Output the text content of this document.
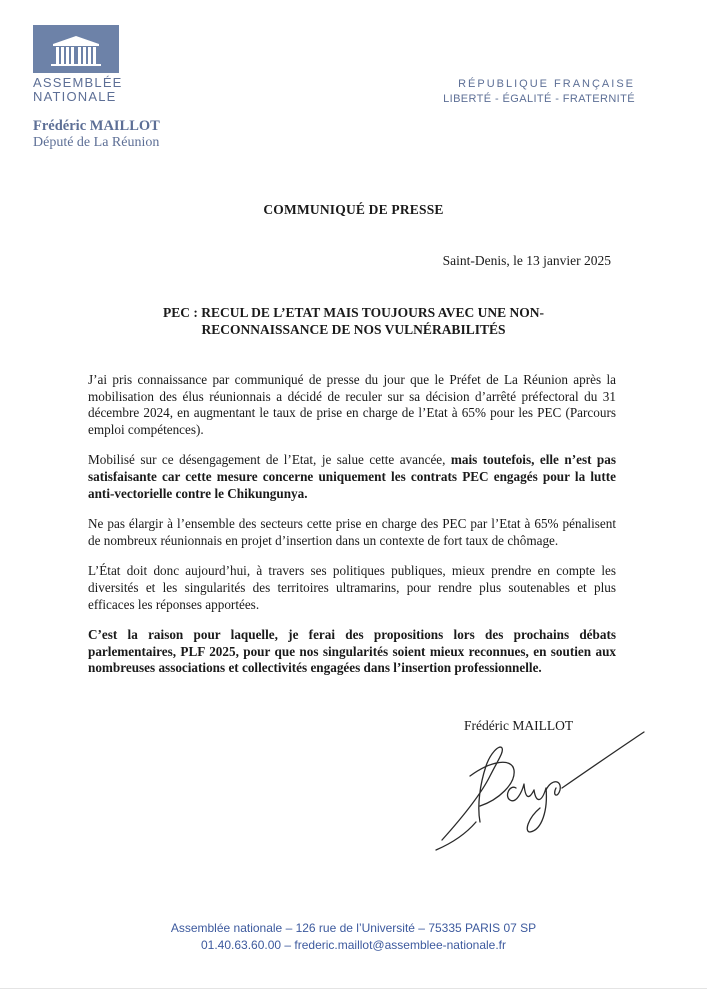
ASSEMBLÉE
NATIONALE
Frédéric MAILLOT
Député de La Réunion
RÉPUBLIQUE FRANÇAISE
LIBERTÉ - ÉGALITÉ - FRATERNITÉ
COMMUNIQUÉ DE PRESSE
Saint-Denis, le 13 janvier 2025
PEC : RECUL DE L’ETAT MAIS TOUJOURS AVEC UNE NON-
RECONNAISSANCE DE NOS VULNÉRABILITÉS

J’ai pris connaissance par communiqué de presse du jour que le Préfet de La Réunion après la mobilisation des élus réunionnais a décidé de reculer sur sa décision d’arrêté préfectoral du 31 décembre 2024, en augmentant le taux de prise en charge de l’Etat à 65% pour les PEC (Parcours emploi compétences).

Mobilisé sur ce désengagement de l’Etat, je salue cette avancée, mais toutefois, elle n’est pas satisfaisante car cette mesure concerne uniquement les contrats PEC engagés pour la lutte anti-vectorielle contre le Chikungunya.

Ne pas élargir à l’ensemble des secteurs cette prise en charge des PEC par l’Etat à 65% pénalisent de nombreux réunionnais en projet d’insertion dans un contexte de fort taux de chômage.

L’État doit donc aujourd’hui, à travers ses politiques publiques, mieux prendre en compte les diversités et les singularités des territoires ultramarins, pour rendre plus soutenables et plus efficaces les réponses apportées.

C’est la raison pour laquelle, je ferai des propositions lors des prochains débats parlementaires, PLF 2025, pour que nos singularités soient mieux reconnues, en soutien aux nombreuses associations et collectivités engagées dans l’insertion professionnelle.

Frédéric MAILLOT
Assemblée nationale – 126 rue de l’Université – 75335 PARIS 07 SP
01.40.63.60.00 – frederic.maillot@assemblee-nationale.fr
